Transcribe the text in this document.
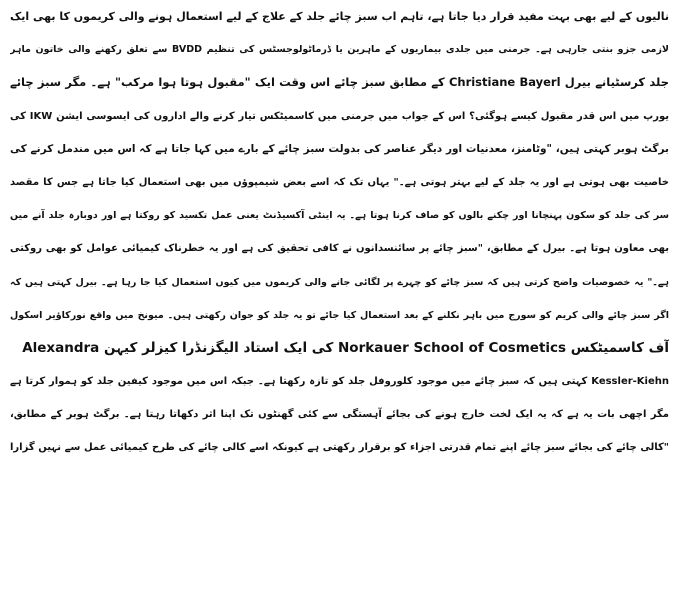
نالیوں کے لیے بھی بہت مفید قرار دیا جاتا ہے، تاہم اب سبز چائے جلد کے علاج کے لیے استعمال ہونے والی کریموں کا بھی ایک
لازمی جزو بنتی جارہی ہے۔ جرمنی میں جلدی بیماریوں کے ماہرین یا ڈرماٹولوجسٹس کی تنظیم BVDD سے تعلق رکھنے والی خاتون ماہر
جلد کرسٹیانے بیرل Christiane Bayerl کے مطابق سبز چائے اس وقت ایک "مقبول ہوتا ہوا مرکب" ہے۔ مگر سبز چائے
یورپ میں اس قدر مقبول کیسے ہوگئی؟ اس کے جواب میں جرمنی میں کاسمیٹکس تیار کرنے والے اداروں کی ایسوسی ایشن IKW کی
برگٹ ہوبر کہتی ہیں، "وٹامنز، معدنیات اور دیگر عناصر کی بدولت سبز چائے کے بارے میں کہا جاتا ہے کہ اس میں مندمل کرنے کی
خاصیت بھی ہوتی ہے اور یہ جلد کے لیے بہتر ہوتی ہے۔" یہاں تک کہ اسے بعض شیمپوؤں میں بھی استعمال کیا جاتا ہے جس کا مقصد
سر کی جلد کو سکون پہنچانا اور چکنے بالوں کو صاف کرنا ہوتا ہے۔ یہ اینٹی آکسیڈنٹ یعنی عمل تکسید کو روکتا ہے اور دوبارہ جلد آنے میں
بھی معاون ہوتا ہے۔ بیرل کے مطابق، "سبز چائے پر سائنسدانوں نے کافی تحقیق کی ہے اور یہ خطرناک کیمیائی عوامل کو بھی روکتی
ہے۔" یہ خصوصیات واضح کرتی ہیں کہ سبز چائے کو چہرے پر لگائی جانے والی کریموں میں کیوں استعمال کیا جا رہا ہے۔ بیرل کہتی ہیں کہ
اگر سبز چائے والی کریم کو سورج میں باہر نکلنے کے بعد استعمال کیا جائے تو یہ جلد کو جوان رکھتی ہیں۔ میونخ میں واقع نورکاؤیر اسکول
آف کاسمیٹکس Norkauer School of Cosmetics کی ایک استاد الیگزنڈرا کیزلر کیہن Alexandra
Kessler-Kiehn کہتی ہیں کہ سبز چائے میں موجود کلوروفل جلد کو تازہ رکھتا ہے۔ جبکہ اس میں موجود کیفین جلد کو ہموار کرتا ہے
مگر اچھی بات یہ ہے کہ یہ ایک لخت خارج ہونے کی بجائے آہستگی سے کئی گھنٹوں تک اپنا اثر دکھاتا رہتا ہے۔ برگٹ ہوبر کے مطابق،
"کالی چائے کی بجائے سبز چائے اپنے تمام قدرتی اجزاء کو برقرار رکھتی ہے کیونکہ اسے کالی چائے کی طرح کیمیائی عمل سے نہیں گزارا
